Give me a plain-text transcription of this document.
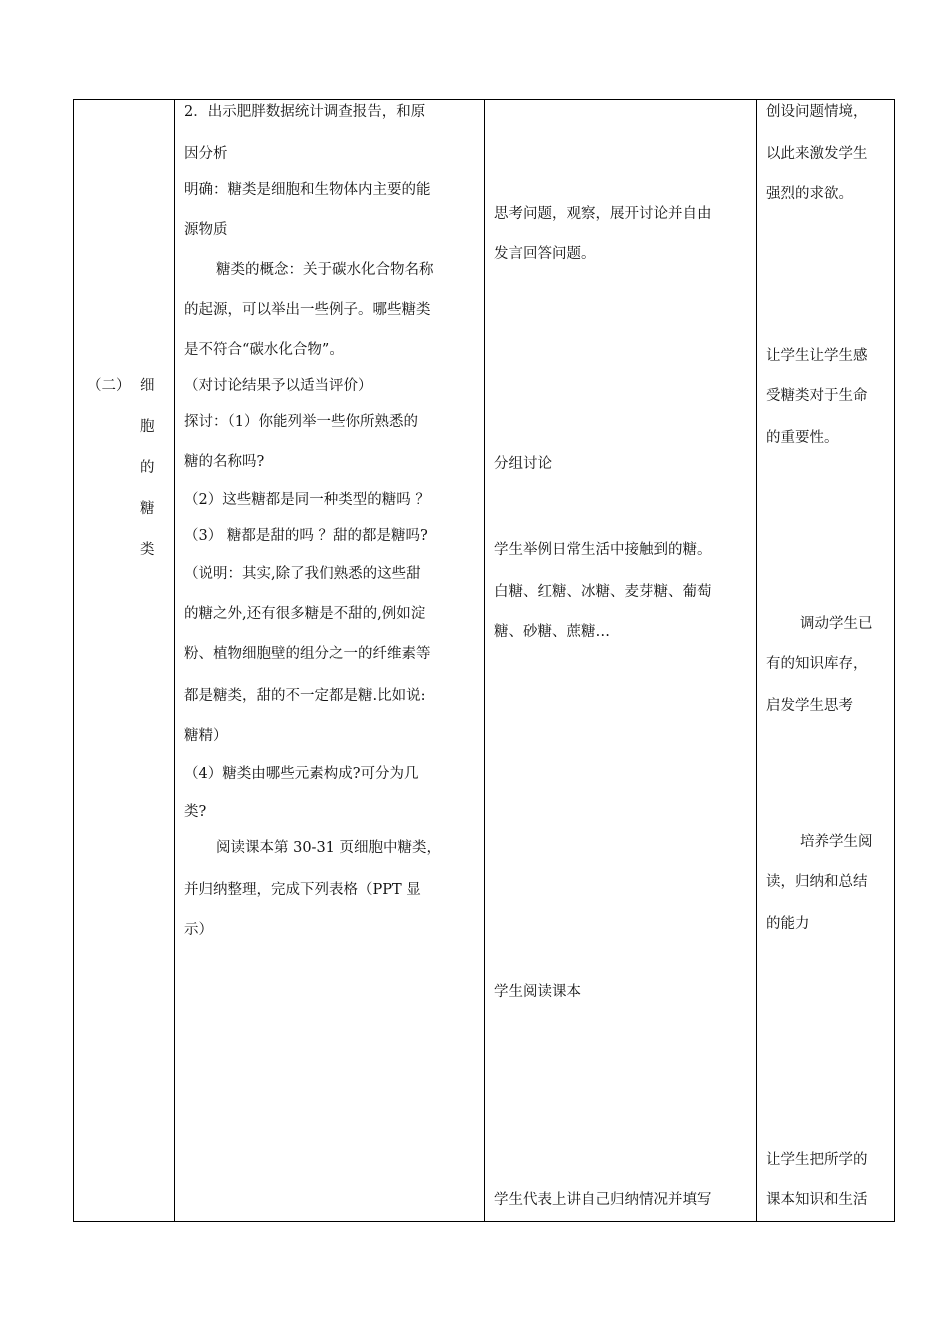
（二） 细
胞
的
糖
类
2．出示肥胖数据统计调查报告，和原
因分析
明确：糖类是细胞和生物体内主要的能
源物质
糖类的概念：关于碳水化合物名称
的起源，可以举出一些例子。哪些糖类
是不符合“碳水化合物”。
（对讨论结果予以适当评价）
探讨：（1）你能列举一些你所熟悉的
糖的名称吗?
（2）这些糖都是同一种类型的糖吗 ？
（3） 糖都是甜的吗 ？甜的都是糖吗?
（说明：其实,除了我们熟悉的这些甜
的糖之外,还有很多糖是不甜的,例如淀
粉、植物细胞壁的组分之一的纤维素等
都是糖类，甜的不一定都是糖.比如说:
糖精）
（4）糖类由哪些元素构成?可分为几
类?
阅读课本第 30-31 页细胞中糖类，
并归纳整理，完成下列表格（PPT 显
示）
思考问题，观察，展开讨论并自由
发言回答问题。
分组讨论
学生举例日常生活中接触到的糖。
白糖、红糖、冰糖、麦芽糖、葡萄
糖、砂糖、蔗糖…
学生阅读课本
学生代表上讲自己归纳情况并填写
创设问题情境，
以此来激发学生
强烈的求欲。
让学生让学生感
受糖类对于生命
的重要性。
调动学生已
有的知识库存，
启发学生思考
培养学生阅
读，归纳和总结
的能力
让学生把所学的
课本知识和生活
